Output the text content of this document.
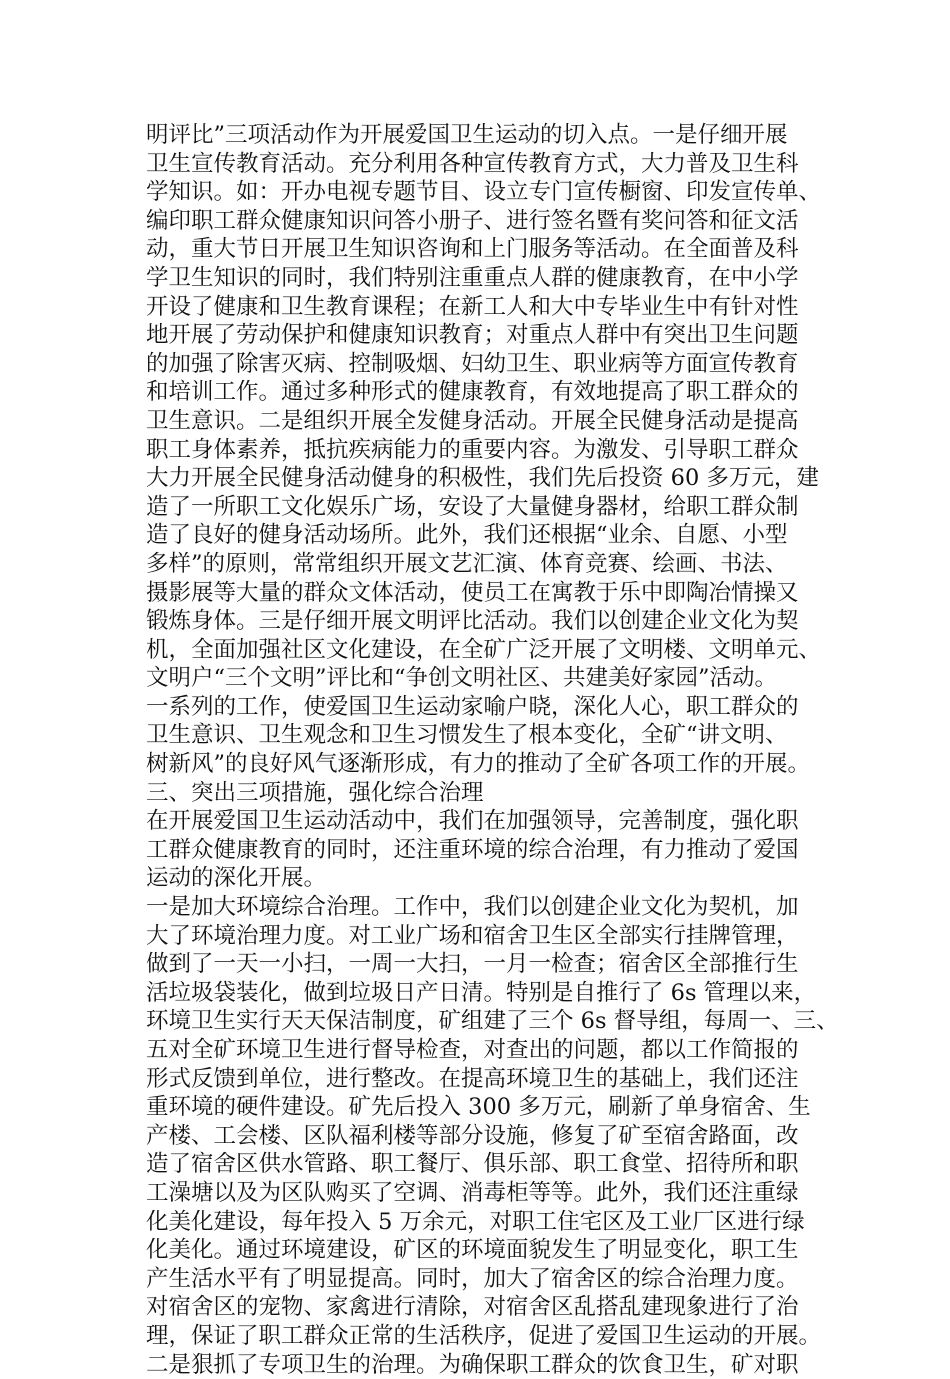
明评比”三项活动作为开展爱国卫生运动的切入点。一是仔细开展
卫生宣传教育活动。充分利用各种宣传教育方式，大力普及卫生科
学知识。如：开办电视专题节目、设立专门宣传橱窗、印发宣传单、
编印职工群众健康知识问答小册子、进行签名暨有奖问答和征文活
动，重大节日开展卫生知识咨询和上门服务等活动。在全面普及科
学卫生知识的同时，我们特别注重重点人群的健康教育，在中小学
开设了健康和卫生教育课程；在新工人和大中专毕业生中有针对性
地开展了劳动保护和健康知识教育；对重点人群中有突出卫生问题
的加强了除害灭病、控制吸烟、妇幼卫生、职业病等方面宣传教育
和培训工作。通过多种形式的健康教育，有效地提高了职工群众的
卫生意识。二是组织开展全发健身活动。开展全民健身活动是提高
职工身体素养，抵抗疾病能力的重要内容。为激发、引导职工群众
大力开展全民健身活动健身的积极性，我们先后投资 60 多万元，建
造了一所职工文化娱乐广场，安设了大量健身器材，给职工群众制
造了良好的健身活动场所。此外，我们还根据“业余、自愿、小型
多样”的原则，常常组织开展文艺汇演、体育竞赛、绘画、书法、
摄影展等大量的群众文体活动，使员工在寓教于乐中即陶冶情操又
锻炼身体。三是仔细开展文明评比活动。我们以创建企业文化为契
机，全面加强社区文化建设，在全矿广泛开展了文明楼、文明单元、
文明户“三个文明”评比和“争创文明社区、共建美好家园”活动。
一系列的工作，使爱国卫生运动家喻户晓，深化人心，职工群众的
卫生意识、卫生观念和卫生习惯发生了根本变化，全矿“讲文明、
树新风”的良好风气逐渐形成，有力的推动了全矿各项工作的开展。
三、突出三项措施，强化综合治理
在开展爱国卫生运动活动中，我们在加强领导，完善制度，强化职
工群众健康教育的同时，还注重环境的综合治理，有力推动了爱国
运动的深化开展。
一是加大环境综合治理。工作中，我们以创建企业文化为契机，加
大了环境治理力度。对工业广场和宿舍卫生区全部实行挂牌管理，
做到了一天一小扫，一周一大扫，一月一检查；宿舍区全部推行生
活垃圾袋装化，做到垃圾日产日清。特别是自推行了 6s 管理以来，
环境卫生实行天天保洁制度，矿组建了三个 6s 督导组，每周一、三、
五对全矿环境卫生进行督导检查，对查出的问题，都以工作简报的
形式反馈到单位，进行整改。在提高环境卫生的基础上，我们还注
重环境的硬件建设。矿先后投入 300 多万元，刷新了单身宿舍、生
产楼、工会楼、区队福利楼等部分设施，修复了矿至宿舍路面，改
造了宿舍区供水管路、职工餐厅、俱乐部、职工食堂、招待所和职
工澡塘以及为区队购买了空调、消毒柜等等。此外，我们还注重绿
化美化建设，每年投入 5 万余元，对职工住宅区及工业厂区进行绿
化美化。通过环境建设，矿区的环境面貌发生了明显变化，职工生
产生活水平有了明显提高。同时，加大了宿舍区的综合治理力度。
对宿舍区的宠物、家禽进行清除，对宿舍区乱搭乱建现象进行了治
理，保证了职工群众正常的生活秩序，促进了爱国卫生运动的开展。
二是狠抓了专项卫生的治理。为确保职工群众的饮食卫生，矿对职
